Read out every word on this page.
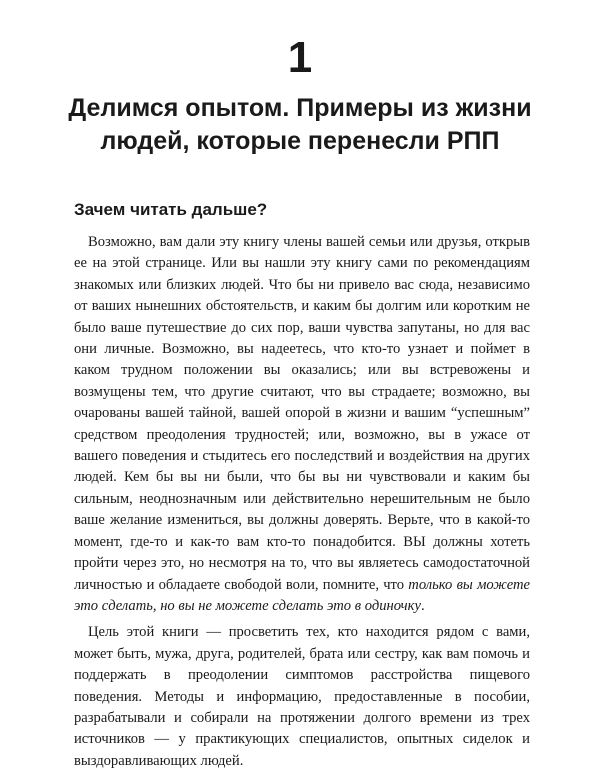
1
Делимся опытом. Примеры из жизни людей, которые перенесли РПП
Зачем читать дальше?

Возможно, вам дали эту книгу члены вашей семьи или друзья, открыв ее на этой странице. Или вы нашли эту книгу сами по рекомендациям знакомых или близких людей. Что бы ни привело вас сюда, независимо от ваших нынешних обстоятельств, и каким бы долгим или коротким не было ваше путешествие до сих пор, ваши чувства запутаны, но для вас они личные. Возможно, вы надеетесь, что кто-то узнает и поймет в каком трудном положении вы оказались; или вы встревожены и возмущены тем, что другие считают, что вы страдаете; возможно, вы очарованы вашей тайной, вашей опорой в жизни и вашим “успешным” средством преодоления трудностей; или, возможно, вы в ужасе от вашего поведения и стыдитесь его последствий и воздействия на других людей. Кем бы вы ни были, что бы вы ни чувствовали и каким бы сильным, неоднозначным или действительно нерешительным не было ваше желание измениться, вы должны доверять. Верьте, что в какой-то момент, где-то и как-то вам кто-то понадобится. ВЫ должны хотеть пройти через это, но несмотря на то, что вы являетесь самодостаточной личностью и обладаете свободой воли, помните, что только вы можете это сделать, но вы не можете сделать это в одиночку.

Цель этой книги — просветить тех, кто находится рядом с вами, может быть, мужа, друга, родителей, брата или сестру, как вам помочь и поддержать в преодолении симптомов расстройства пищевого поведения. Методы и информацию, предоставленные в пособии, разрабатывали и собирали на протяжении долгого времени из трех источников — у практикующих специалистов, опытных сиделок и выздоравливающих людей.
